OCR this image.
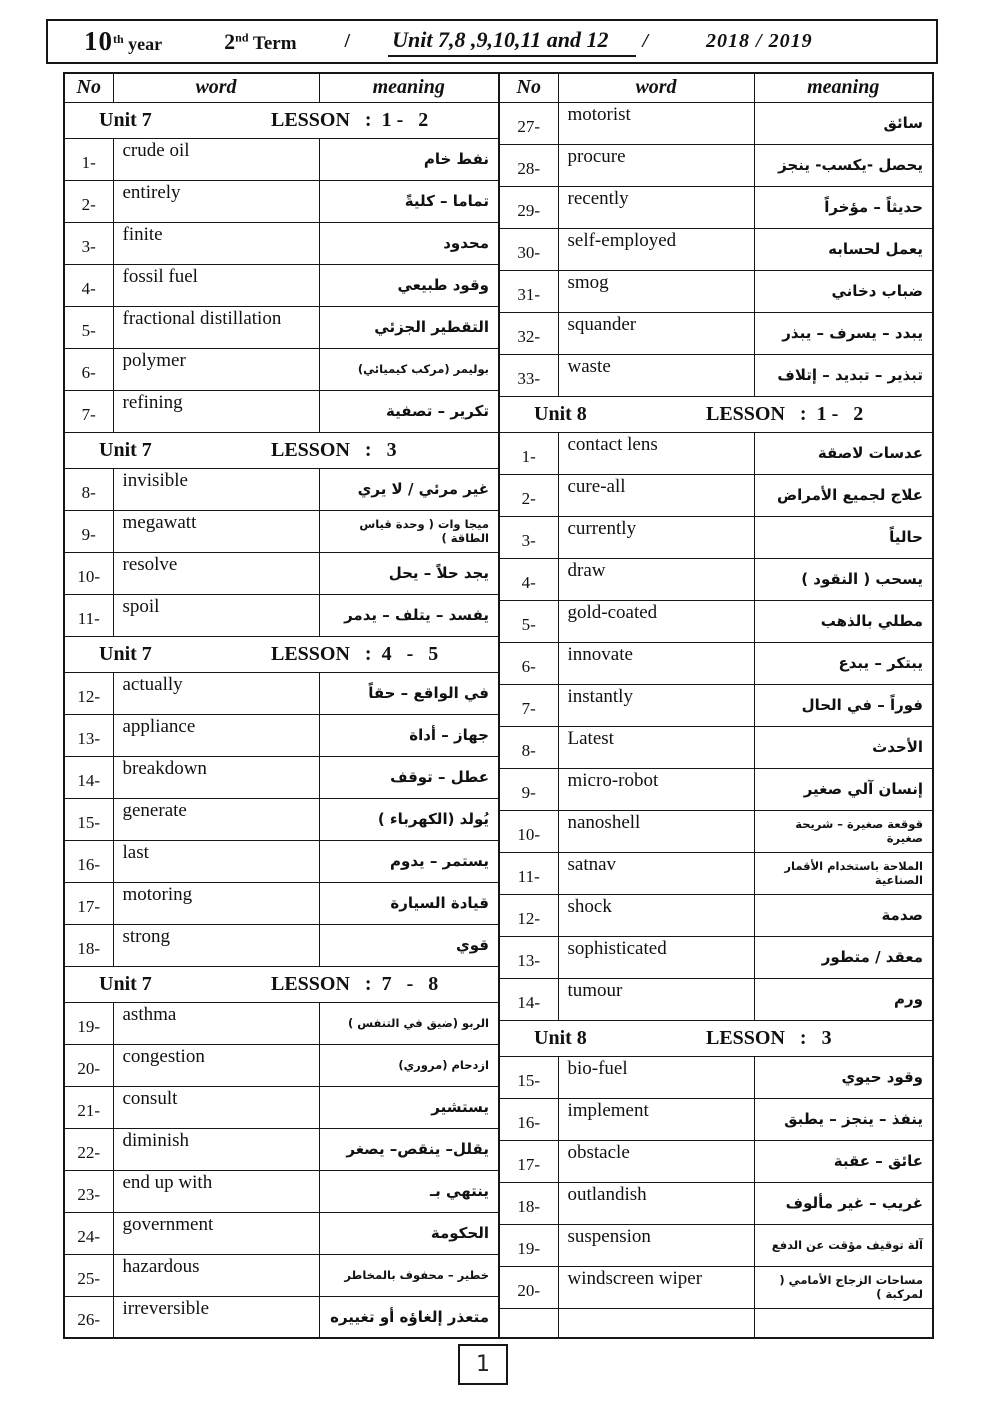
10th year	2nd Term / Unit 7,8 ,9,10,11 and 12	/	2018 / 2019
No	word	meaning
Unit 7 LESSON   :  1 -   2		
1-	crude oil	نفط خام
2-	entirely	تماما – كليةً
3-	finite	محدود
4-	fossil fuel	وقود طبيعي
5-	fractional distillation	التقطير الجزئي
6-	polymer	بوليمر (مركب كيميائي)
7-	refining	تكرير – تصفية
Unit 7 LESSON   :   3		
8-	invisible	غير مرئي / لا يري
9-	megawatt	ميجا وات ( وحدة قياس الطاقة )
10-	resolve	يجد حلاً – يحل
11-	spoil	يفسد – يتلف – يدمر
Unit 7 LESSON   :  4   -   5		
12-	actually	في الواقع – حقاً
13-	appliance	جهاز – أداة
14-	breakdown	عطل – توقف
15-	generate	يُولد (الكهرباء )
16-	last	يستمر – يدوم
17-	motoring	قيادة السيارة
18-	strong	قوي
Unit 7 LESSON   :  7   -   8		
19-	asthma	الربو (ضيق في التنفس )
20-	congestion	ازدحام (مروري)
21-	consult	يستشير
22-	diminish	يقلل– ينقص– يصغر
23-	end up with	ينتهي بـ
24-	government	الحكومة
25-	hazardous	خطير – محفوف بالمخاطر
26-	irreversible	متعذر إلغاؤه أو تغييره
No	word	meaning
27-	motorist	سائق
28-	procure	يحصل -يكسب- ينجز
29-	recently	حديثاً – مؤخراً
30-	self-employed	يعمل لحسابه
31-	smog	ضباب دخاني
32-	squander	يبدد – يسرف – يبذر
33-	waste	تبذير – تبديد – إتلاف
Unit 8 LESSON   :  1 -   2		
1-	contact lens	عدسات لاصقة
2-	cure-all	علاج لجميع الأمراض
3-	currently	حالياً
4-	draw	يسحب ( النقود )
5-	gold-coated	مطلي بالذهب
6-	innovate	يبتكر – يبدع
7-	instantly	فوراً – في الحال
8-	Latest	الأحدث
9-	micro-robot	إنسان آلي صغير
10-	nanoshell	قوقعة صغيرة – شريحة صغيرة
11-	satnav	الملاحة باستخدام الأقمار الصناعية
12-	shock	صدمة
13-	sophisticated	معقد / متطور
14-	tumour	ورم
Unit 8 LESSON   :   3		
15-	bio-fuel	وقود حيوي
16-	implement	ينفذ – ينجز – يطبق
17-	obstacle	عائق – عقبة
18-	outlandish	غريب – غير مألوف
19-	suspension	آلة توقيف مؤقت عن الدفع
20-	windscreen wiper	مساحات الزجاج الأمامي ( لمركبة )

1
